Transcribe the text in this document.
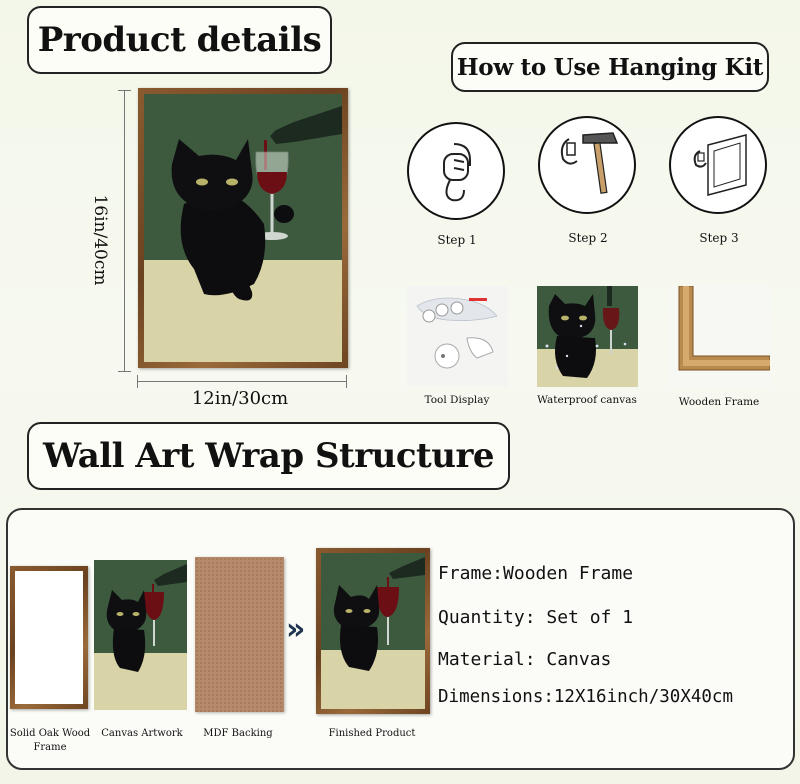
Product details
How to Use Hanging Kit
Wall Art Wrap Structure
16in/40cm
12in/30cm
Step 1	Step 2	Step 3
Tool Display	Waterproof canvas	Wooden Frame
»
Solid Oak Wood
Frame
Canvas Artwork	MDF Backing	Finished Product
Frame:Wooden Frame
Quantity: Set of 1
Material: Canvas
Dimensions:12X16inch/30X40cm
